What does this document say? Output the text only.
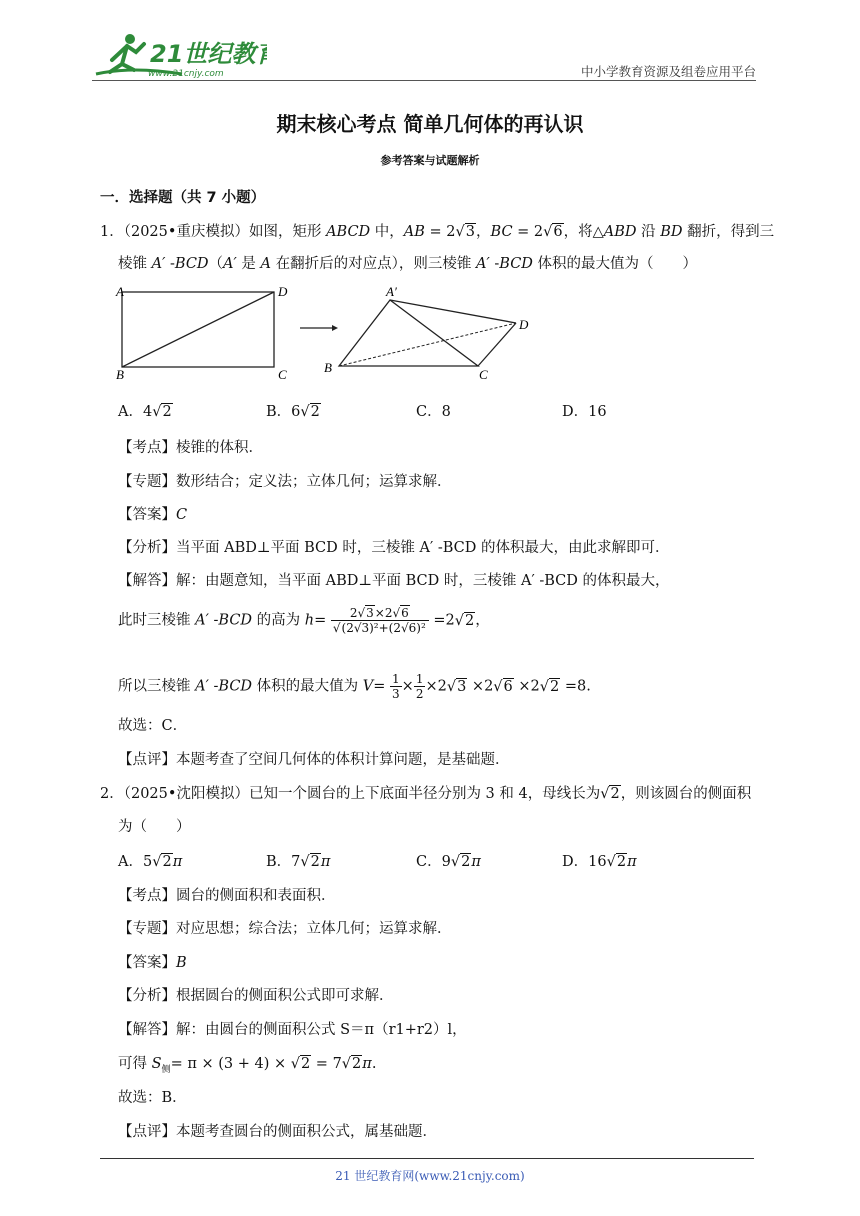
21世纪教育
www.21cnjy.com	中小学教育资源及组卷应用平台
期末核心考点 简单几何体的再认识
参考答案与试题解析
一．选择题（共 7 小题）
1．（2025•重庆模拟）如图，矩形 ABCD 中，AB = 2√3，BC = 2√6，将△ABD 沿 BD 翻折，得到三
棱锥 A′ ‑BCD（A′ 是 A 在翻折后的对应点），则三棱锥 A′ ‑BCD 体积的最大值为（　　）
A	D
B	C
A′
D
B	C
A．4√2	B．6√2	C．8	D．16
【考点】棱锥的体积．
【专题】数形结合；定义法；立体几何；运算求解．
【答案】C
【分析】当平面 ABD⊥平面 BCD 时，三棱锥 A′ ‑BCD 的体积最大，由此求解即可．
【解答】解：由题意知，当平面 ABD⊥平面 BCD 时，三棱锥 A′ ‑BCD 的体积最大，
此时三棱锥 A′ ‑BCD 的高为 $h= \frac{2√3\times 2√6}{\text{√(2√3)²+(2√6)²}} =2√2$，
所以三棱锥 A′ ‑BCD 体积的最大值为 $V= \frac{1}{3} \times \frac{1}{2} \times 2√3 \times 2√6 \times 2√2 =8$.
故选：C．
【点评】本题考查了空间几何体的体积计算问题，是基础题．
2．（2025•沈阳模拟）已知一个圆台的上下底面半径分别为 3 和 4，母线长为√2，则该圆台的侧面积
为（　　）
A．5√2π	B．7√2π	C．9√2π	D．16√2π
【考点】圆台的侧面积和表面积．
【专题】对应思想；综合法；立体几何；运算求解．
【答案】B
【分析】根据圆台的侧面积公式即可求解．
【解答】解：由圆台的侧面积公式 S＝π（r1+r2）l，
可得 $S_侧= \pi \times (3 + 4) \times √2 = 7√2\pi$.
故选：B．
【点评】本题考查圆台的侧面积公式，属基础题．
21 世纪教育网(www.21cnjy.com)
